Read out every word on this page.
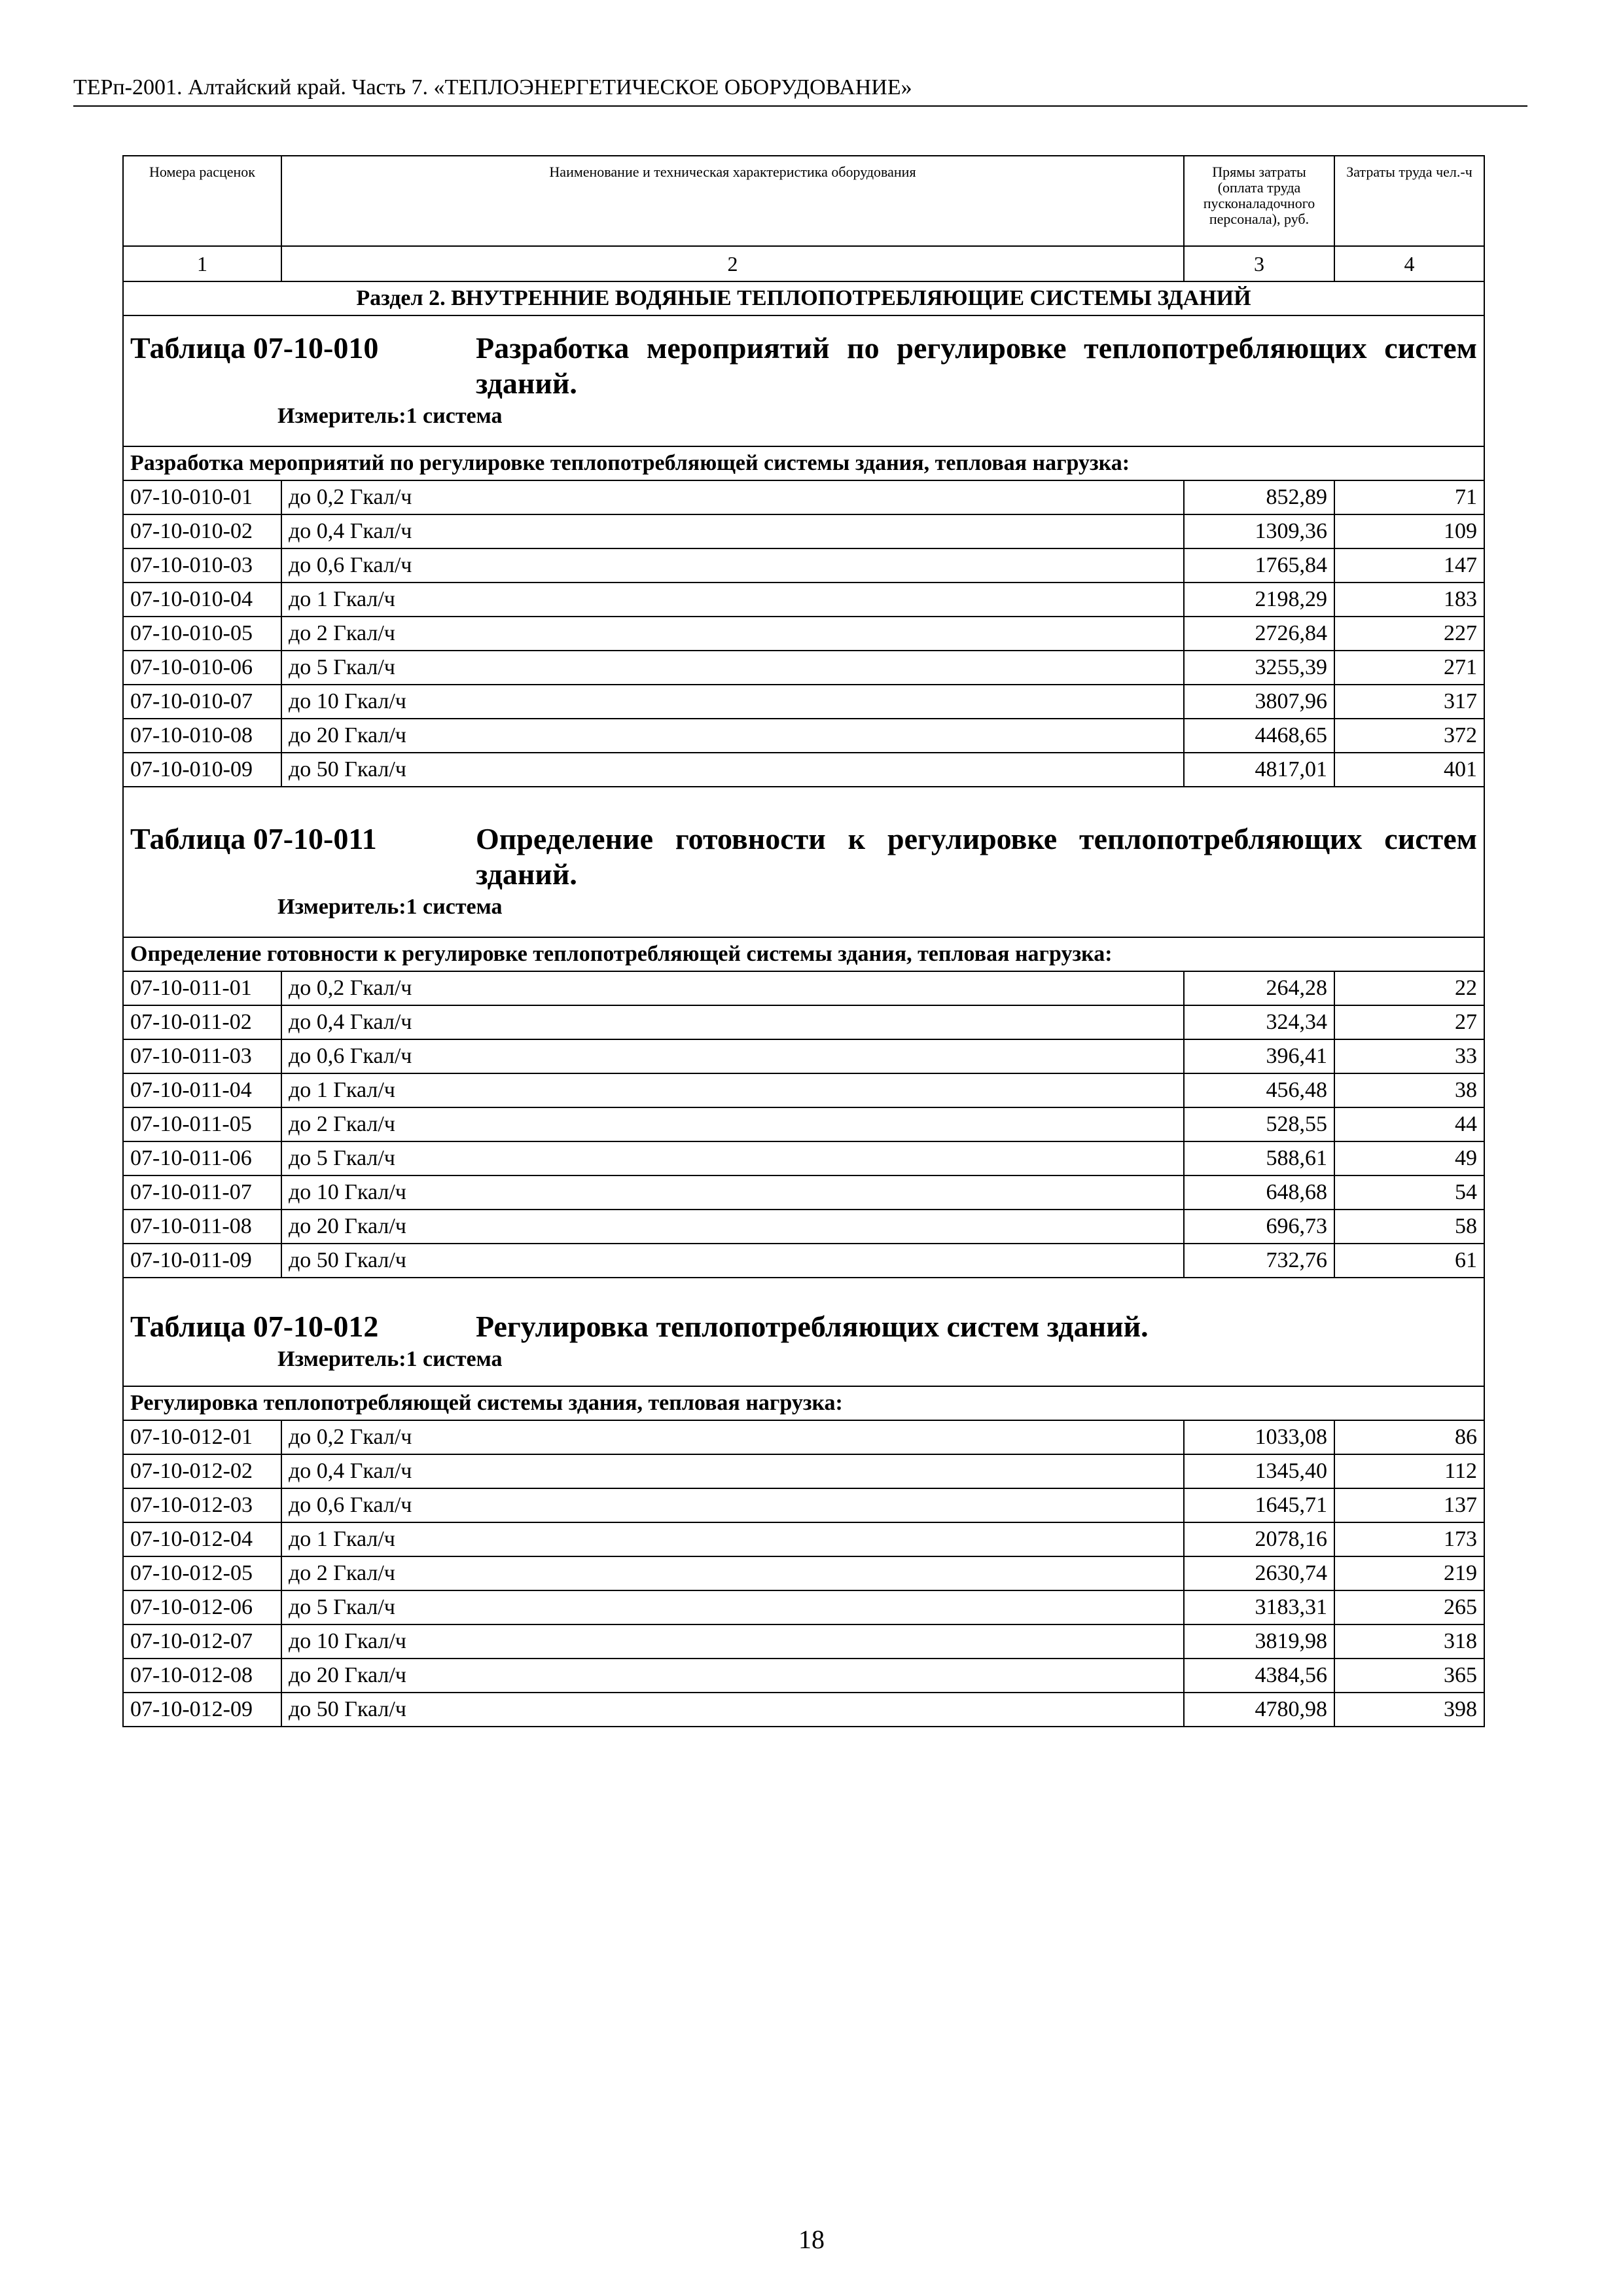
ТЕРп-2001. Алтайский край. Часть 7. «ТЕПЛОЭНЕРГЕТИЧЕСКОЕ ОБОРУДОВАНИЕ»
Номера расценок	Наименование и техническая характеристика оборудования	Прямы затраты (оплата труда пусконаладочного персонала), руб.	Затраты труда чел.-ч
1	2	3	4
Раздел 2. ВНУТРЕННИЕ ВОДЯНЫЕ ТЕПЛОПОТРЕБЛЯЮЩИЕ СИСТЕМЫ ЗДАНИЙ			

Таблица 07-10-010 Разработка мероприятий по регулировке теплопотребляющих систем зданий.
Измеритель:1 система			

Разработка мероприятий по регулировке теплопотребляющей системы здания, тепловая нагрузка:			
07-10-010-01	до 0,2 Гкал/ч	852,89	71
07-10-010-02	до 0,4 Гкал/ч	1309,36	109
07-10-010-03	до 0,6 Гкал/ч	1765,84	147
07-10-010-04	до 1 Гкал/ч	2198,29	183
07-10-010-05	до 2 Гкал/ч	2726,84	227
07-10-010-06	до 5 Гкал/ч	3255,39	271
07-10-010-07	до 10 Гкал/ч	3807,96	317
07-10-010-08	до 20 Гкал/ч	4468,65	372
07-10-010-09	до 50 Гкал/ч	4817,01	401

Таблица 07-10-011 Определение готовности к регулировке теплопотребляющих систем зданий.
Измеритель:1 система			

Определение готовности к регулировке теплопотребляющей системы здания, тепловая нагрузка:			
07-10-011-01	до 0,2 Гкал/ч	264,28	22
07-10-011-02	до 0,4 Гкал/ч	324,34	27
07-10-011-03	до 0,6 Гкал/ч	396,41	33
07-10-011-04	до 1 Гкал/ч	456,48	38
07-10-011-05	до 2 Гкал/ч	528,55	44
07-10-011-06	до 5 Гкал/ч	588,61	49
07-10-011-07	до 10 Гкал/ч	648,68	54
07-10-011-08	до 20 Гкал/ч	696,73	58
07-10-011-09	до 50 Гкал/ч	732,76	61

Таблица 07-10-012 Регулировка теплопотребляющих систем зданий.
Измеритель:1 система			

Регулировка теплопотребляющей системы здания, тепловая нагрузка:			
07-10-012-01	до 0,2 Гкал/ч	1033,08	86
07-10-012-02	до 0,4 Гкал/ч	1345,40	112
07-10-012-03	до 0,6 Гкал/ч	1645,71	137
07-10-012-04	до 1 Гкал/ч	2078,16	173
07-10-012-05	до 2 Гкал/ч	2630,74	219
07-10-012-06	до 5 Гкал/ч	3183,31	265
07-10-012-07	до 10 Гкал/ч	3819,98	318
07-10-012-08	до 20 Гкал/ч	4384,56	365
07-10-012-09	до 50 Гкал/ч	4780,98	398
18
